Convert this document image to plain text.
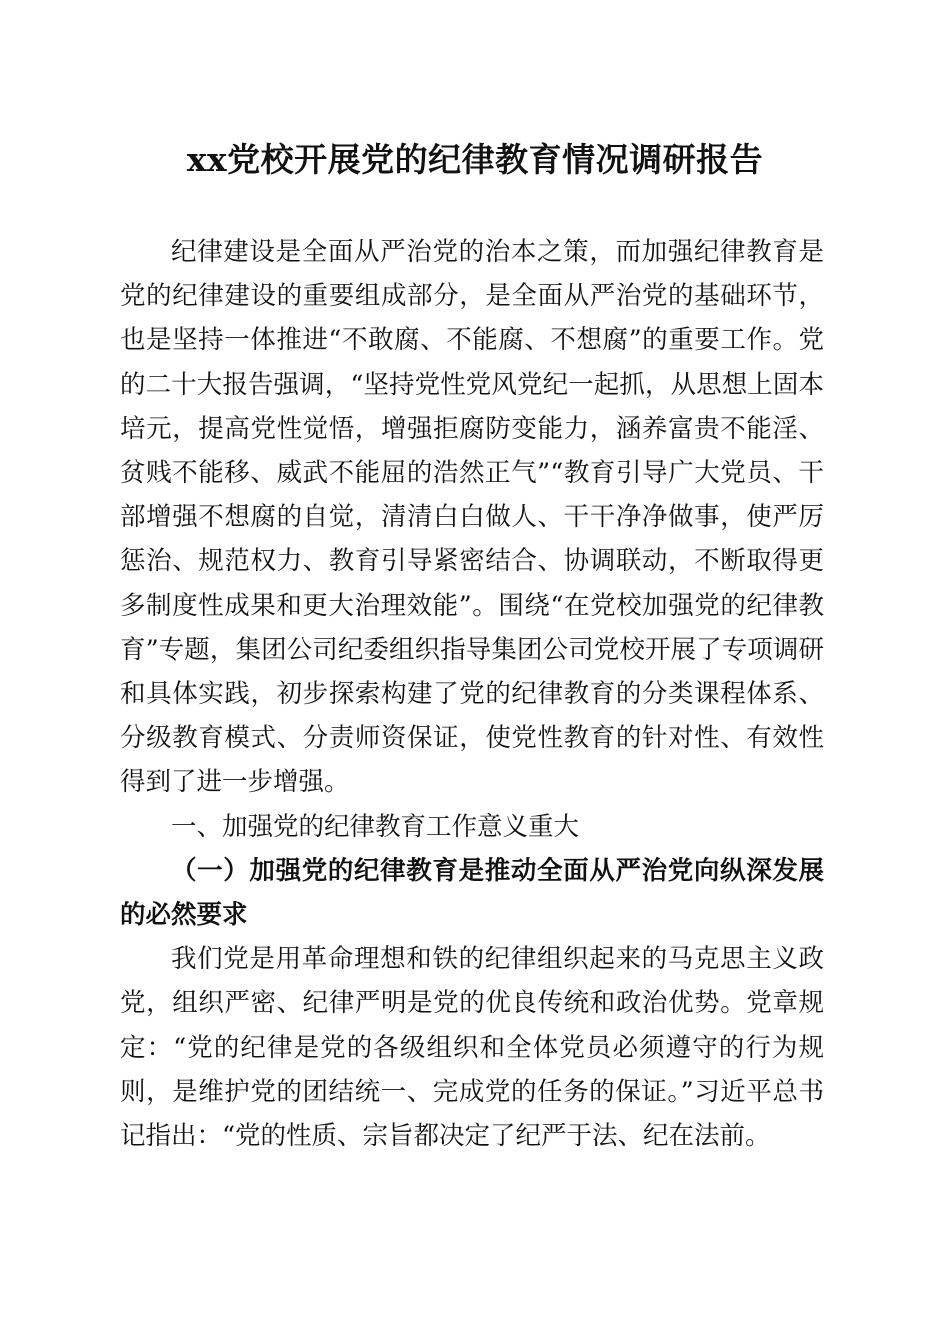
xx党校开展党的纪律教育情况调研报告

纪律建设是全面从严治党的治本之策，而加强纪律教育是党的纪律建设的重要组成部分，是全面从严治党的基础环节，也是坚持一体推进“不敢腐、不能腐、不想腐”的重要工作。党的二十大报告强调，“坚持党性党风党纪一起抓，从思想上固本培元，提高党性觉悟，增强拒腐防变能力，涵养富贵不能淫、贫贱不能移、威武不能屈的浩然正气”“教育引导广大党员、干部增强不想腐的自觉，清清白白做人、干干净净做事，使严厉惩治、规范权力、教育引导紧密结合、协调联动，不断取得更多制度性成果和更大治理效能”。围绕“在党校加强党的纪律教育”专题，集团公司纪委组织指导集团公司党校开展了专项调研和具体实践，初步探索构建了党的纪律教育的分类课程体系、分级教育模式、分责师资保证，使党性教育的针对性、有效性得到了进一步增强。

一、加强党的纪律教育工作意义重大

（一）加强党的纪律教育是推动全面从严治党向纵深发展的必然要求

我们党是用革命理想和铁的纪律组织起来的马克思主义政党，组织严密、纪律严明是党的优良传统和政治优势。党章规定：“党的纪律是党的各级组织和全体党员必须遵守的行为规则，是维护党的团结统一、完成党的任务的保证。”习近平总书记指出：“党的性质、宗旨都决定了纪严于法、纪在法前。
